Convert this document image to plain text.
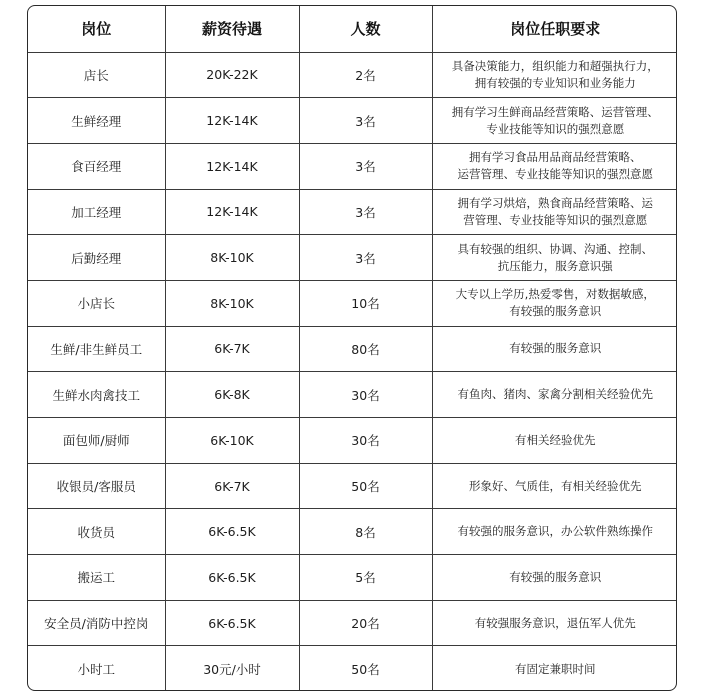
岗位	薪资待遇	人数	岗位任职要求
店长	20K-22K	2名	具备决策能力，组织能力和超强执行力，
拥有较强的专业知识和业务能力
生鲜经理	12K-14K	3名	拥有学习生鲜商品经营策略、运营管理、
专业技能等知识的强烈意愿
食百经理	12K-14K	3名	拥有学习食品用品商品经营策略、
运营管理、专业技能等知识的强烈意愿
加工经理	12K-14K	3名	拥有学习烘焙，熟食商品经营策略、运
营管理、专业技能等知识的强烈意愿
后勤经理	8K-10K	3名	具有较强的组织、协调、沟通、控制、
抗压能力，服务意识强
小店长	8K-10K	10名	大专以上学历,热爱零售，对数据敏感，
有较强的服务意识
生鲜/非生鲜员工	6K-7K	80名	有较强的服务意识
生鲜水肉禽技工	6K-8K	30名	有鱼肉、猪肉、家禽分割相关经验优先
面包师/厨师	6K-10K	30名	有相关经验优先
收银员/客服员	6K-7K	50名	形象好、气质佳，有相关经验优先
收货员	6K-6.5K	8名	有较强的服务意识，办公软件熟练操作
搬运工	6K-6.5K	5名	有较强的服务意识
安全员/消防中控岗	6K-6.5K	20名	有较强服务意识，退伍军人优先
小时工	30元/小时	50名	有固定兼职时间
